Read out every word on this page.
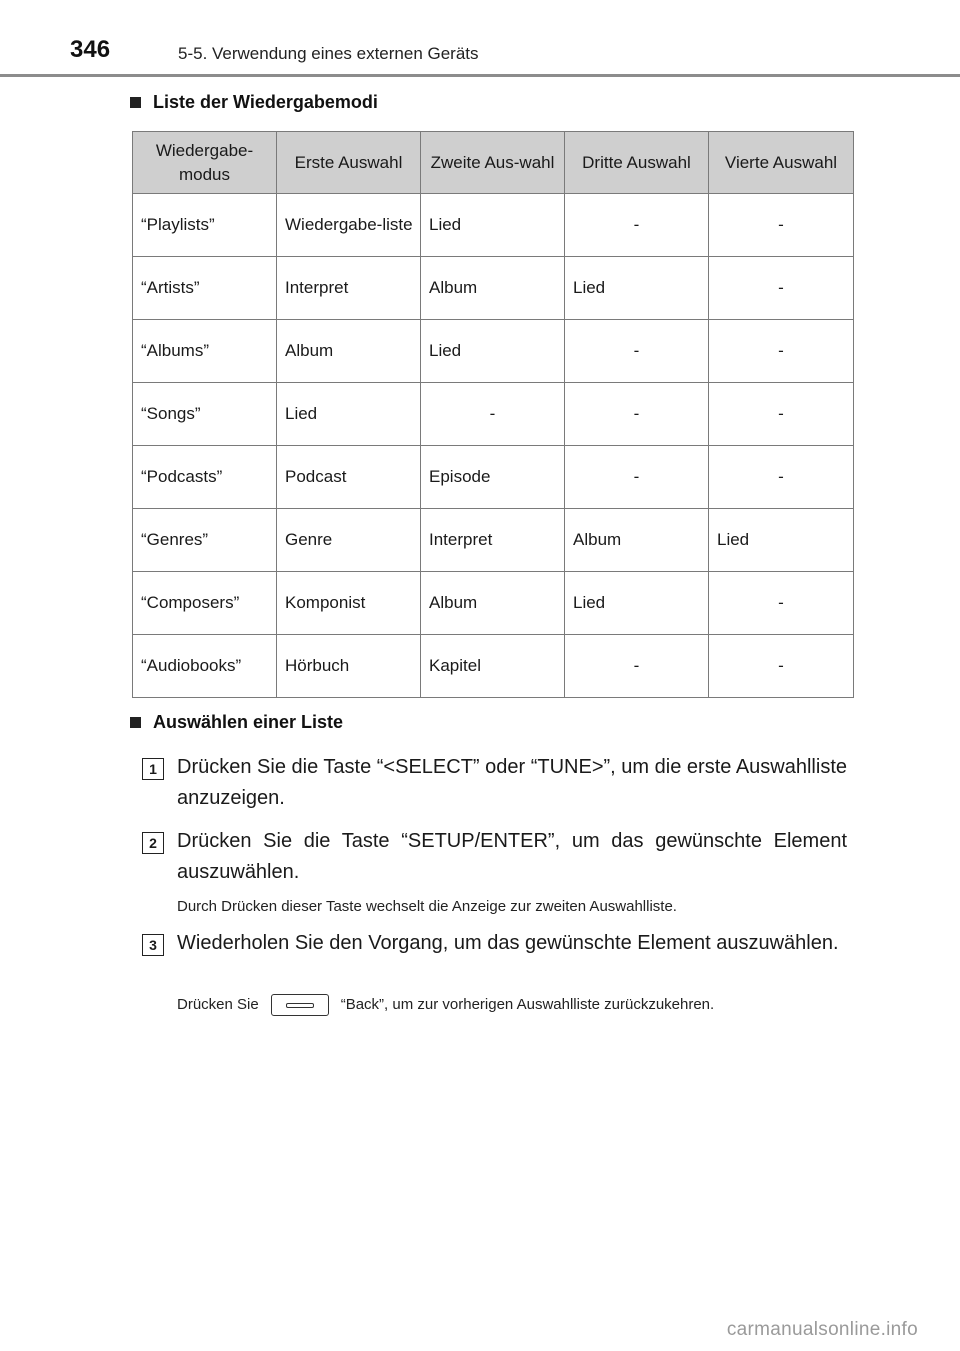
346	5-5. Verwendung eines externen Geräts
Liste der Wiedergabemodi
Wiedergabe-modus	Erste Auswahl	Zweite Aus-wahl	Dritte Auswahl	Vierte Auswahl
“Playlists”	Wiedergabe-liste	Lied	-	-
“Artists”	Interpret	Album	Lied	-
“Albums”	Album	Lied	-	-
“Songs”	Lied	-	-	-
“Podcasts”	Podcast	Episode	-	-
“Genres”	Genre	Interpret	Album	Lied
“Composers”	Komponist	Album	Lied	-
“Audiobooks”	Hörbuch	Kapitel	-	-
Auswählen einer Liste
1	Drücken Sie die Taste “<SELECT” oder “TUNE>”, um die erste Auswahlliste anzuzeigen.
2	Drücken Sie die Taste “SETUP/ENTER”, um das gewünschte Element auszuwählen.
Durch Drücken dieser Taste wechselt die Anzeige zur zweiten Auswahlliste.
3	Wiederholen Sie den Vorgang, um das gewünschte Element auszuwählen.
Drücken Sie	“Back”, um zur vorherigen Auswahlliste zurückzukehren.
carmanualsonline.info
